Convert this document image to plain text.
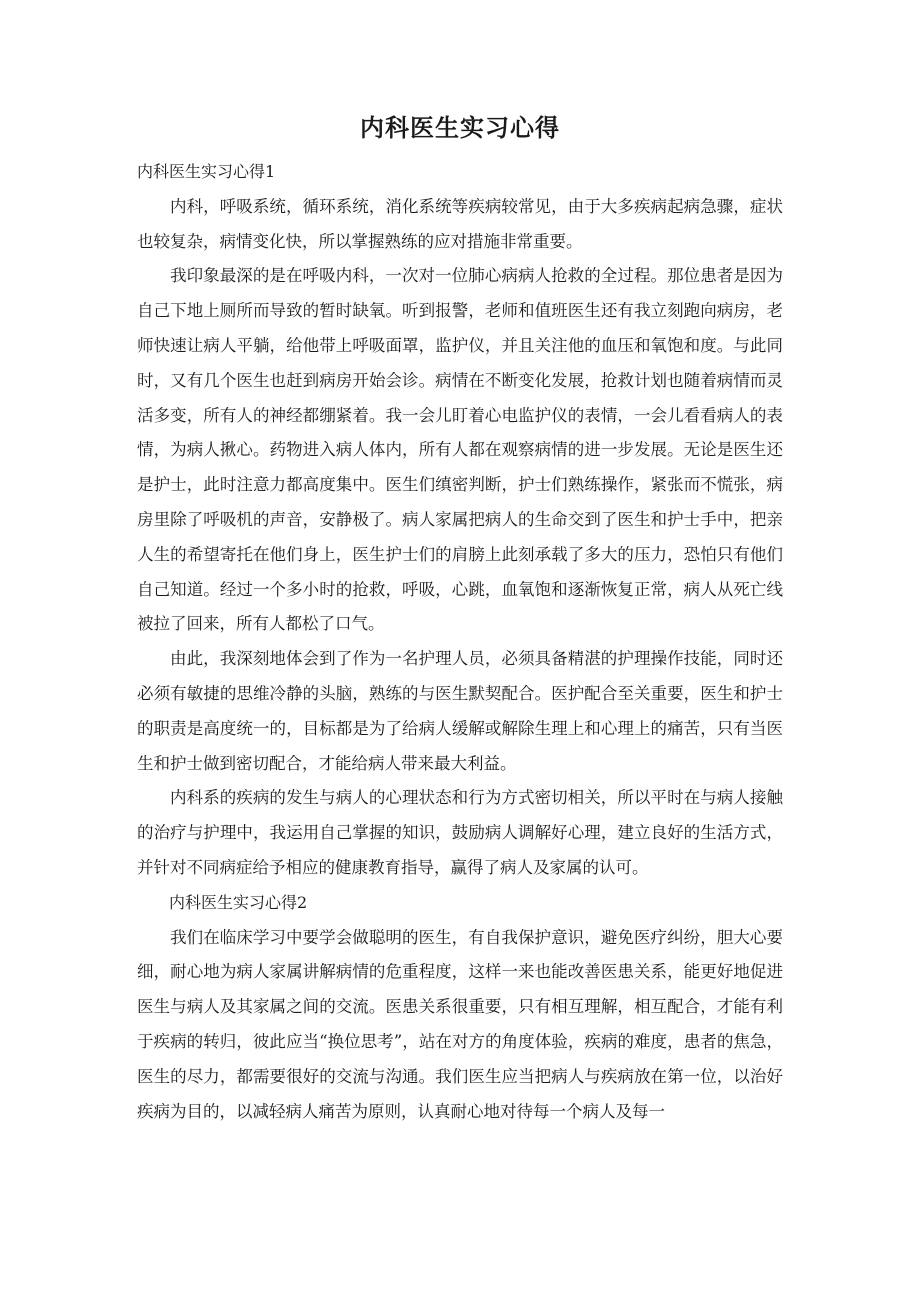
内科医生实习心得

内科医生实习心得1

内科，呼吸系统，循环系统，消化系统等疾病较常见，由于大多疾病起病急骤，症状也较复杂，病情变化快，所以掌握熟练的应对措施非常重要。

我印象最深的是在呼吸内科，一次对一位肺心病病人抢救的全过程。那位患者是因为自己下地上厕所而导致的暂时缺氧。听到报警，老师和值班医生还有我立刻跑向病房，老师快速让病人平躺，给他带上呼吸面罩，监护仪，并且关注他的血压和氧饱和度。与此同时，又有几个医生也赶到病房开始会诊。病情在不断变化发展，抢救计划也随着病情而灵活多变，所有人的神经都绷紧着。我一会儿盯着心电监护仪的表情，一会儿看看病人的表情，为病人揪心。药物进入病人体内，所有人都在观察病情的进一步发展。无论是医生还是护士，此时注意力都高度集中。医生们缜密判断，护士们熟练操作，紧张而不慌张，病房里除了呼吸机的声音，安静极了。病人家属把病人的生命交到了医生和护士手中，把亲人生的希望寄托在他们身上，医生护士们的肩膀上此刻承载了多大的压力，恐怕只有他们自己知道。经过一个多小时的抢救，呼吸，心跳，血氧饱和逐渐恢复正常，病人从死亡线被拉了回来，所有人都松了口气。

由此，我深刻地体会到了作为一名护理人员，必须具备精湛的护理操作技能，同时还必须有敏捷的思维冷静的头脑，熟练的与医生默契配合。医护配合至关重要，医生和护士的职责是高度统一的，目标都是为了给病人缓解或解除生理上和心理上的痛苦，只有当医生和护士做到密切配合，才能给病人带来最大利益。

内科系的疾病的发生与病人的心理状态和行为方式密切相关，所以平时在与病人接触的治疗与护理中，我运用自己掌握的知识，鼓励病人调解好心理，建立良好的生活方式，并针对不同病症给予相应的健康教育指导，赢得了病人及家属的认可。

内科医生实习心得2

我们在临床学习中要学会做聪明的医生，有自我保护意识，避免医疗纠纷，胆大心要细，耐心地为病人家属讲解病情的危重程度，这样一来也能改善医患关系，能更好地促进医生与病人及其家属之间的交流。医患关系很重要，只有相互理解，相互配合，才能有利于疾病的转归，彼此应当“换位思考”，站在对方的角度体验，疾病的难度，患者的焦急，医生的尽力，都需要很好的交流与沟通。我们医生应当把病人与疾病放在第一位，以治好疾病为目的，以减轻病人痛苦为原则，认真耐心地对待每一个病人及每一
